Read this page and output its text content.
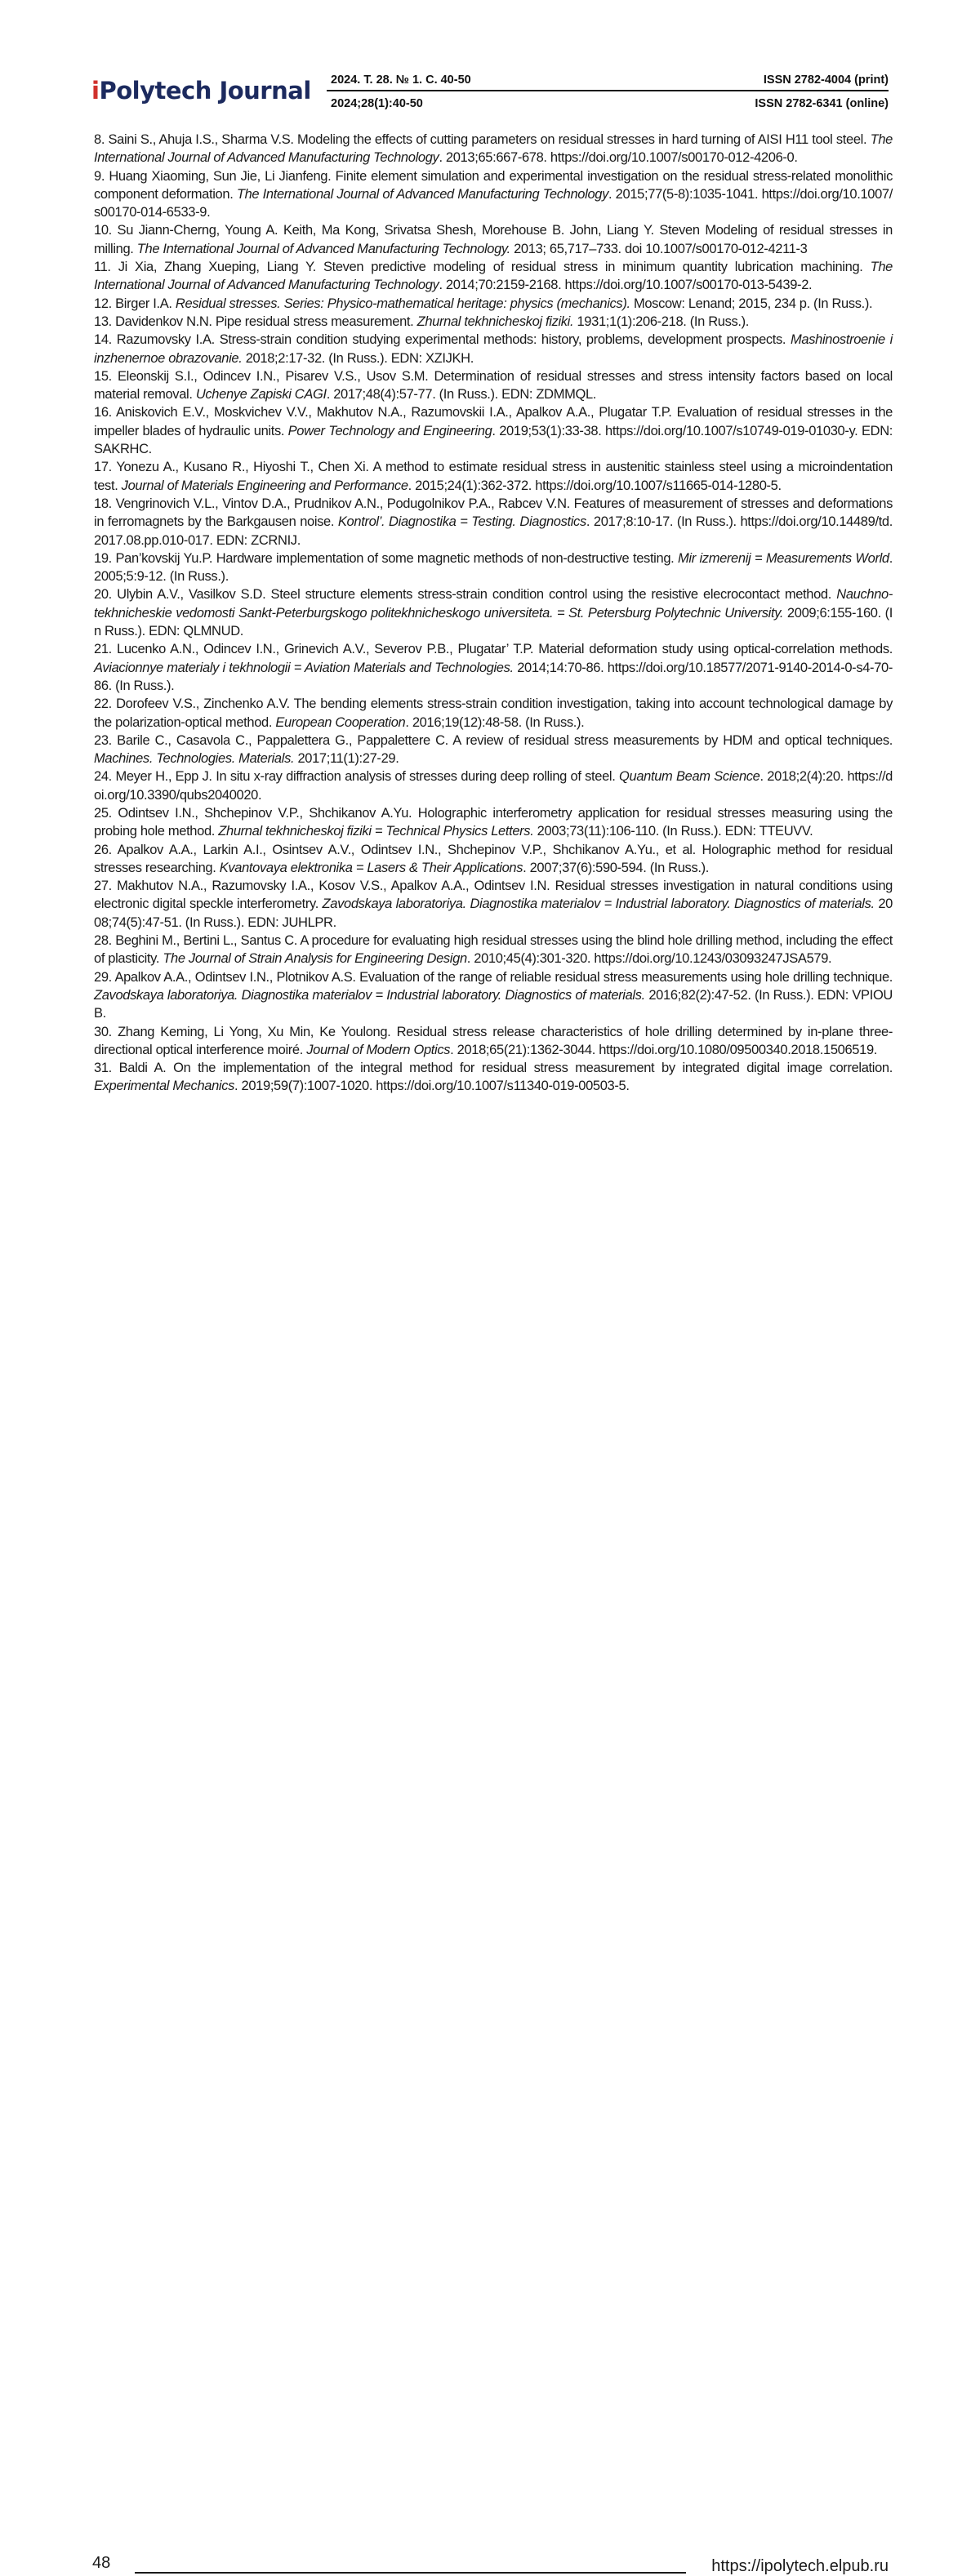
iPolytech Journal 2024. Т. 28. № 1. С. 40-50
2024;28(1):40-50
ISSN 2782-4004 (print)
ISSN 2782-6341 (online)

8. Saini S., Ahuja I.S., Sharma V.S. Modeling the effects of cutting parameters on residual stresses in hard turning of AISI H11 tool steel. The International Journal of Advanced Manufacturing Technology. 2013;65:667-678. https://doi.org/10.1007/s00170-012-4206-0.

9. Huang Xiaoming, Sun Jie, Li Jianfeng. Finite element simulation and experimental investigation on the residual stress-related monolithic component deformation. The International Journal of Advanced Manufacturing Technology. 2015;77(5-8):1035-1041. https://doi.org/10.1007/s00170-014-6533-9.

10. Su Jiann-Cherng, Young A. Keith, Ma Kong, Srivatsa Shesh, Morehouse B. John, Liang Y. Steven Modeling of residual stresses in milling. The International Journal of Advanced Manufacturing Technology. 2013; 65,717–733. doi 10.1007/s00170-012-4211-3

11. Ji Xia, Zhang Xueping, Liang Y. Steven predictive modeling of residual stress in minimum quantity lubrication machining. The International Journal of Advanced Manufacturing Technology. 2014;70:2159-2168. https://doi.org/10.1007/s00170-013-5439-2.

12. Birger I.A. Residual stresses. Series: Physico-mathematical heritage: physics (mechanics). Moscow: Lenand; 2015, 234 p. (In Russ.).

13. Davidenkov N.N. Pipe residual stress measurement. Zhurnal tekhnicheskoj fiziki. 1931;1(1):206-218. (In Russ.).

14. Razumovsky I.A. Stress-strain condition studying experimental methods: history, problems, development prospects. Mashinostroenie i inzhenernoe obrazovanie. 2018;2:17-32. (In Russ.). EDN: XZIJKH.

15. Eleonskij S.I., Odincev I.N., Pisarev V.S., Usov S.M. Determination of residual stresses and stress intensity factors based on local material removal. Uchenye Zapiski CAGI. 2017;48(4):57-77. (In Russ.). EDN: ZDMMQL.

16. Aniskovich E.V., Moskvichev V.V., Makhutov N.A., Razumovskii I.A., Apalkov A.A., Plugatar T.P. Evaluation of residual stresses in the impeller blades of hydraulic units. Power Technology and Engineering. 2019;53(1):33-38. https://doi.org/10.1007/s10749-019-01030-y. EDN: SAKRHC.

17. Yonezu A., Kusano R., Hiyoshi T., Chen Xi. A method to estimate residual stress in austenitic stainless steel using a microindentation test. Journal of Materials Engineering and Performance. 2015;24(1):362-372. https://doi.org/10.1007/s11665-014-1280-5.

18. Vengrinovich V.L., Vintov D.A., Prudnikov A.N., Podugolnikov P.A., Rabcev V.N. Features of measurement of stresses and deformations in ferromagnets by the Barkgausen noise. Kontrol’. Diagnostika = Testing. Diagnostics. 2017;8:10-17. (In Russ.). https://doi.org/10.14489/td.2017.08.pp.010-017. EDN: ZCRNIJ.

19. Pan’kovskij Yu.P. Hardware implementation of some magnetic methods of non-destructive testing. Mir izmerenij = Measurements World. 2005;5:9-12. (In Russ.).

20. Ulybin A.V., Vasilkov S.D. Steel structure elements stress-strain condition control using the resistive elecrocontact method. Nauchno-tekhnicheskie vedomosti Sankt-Peterburgskogo politekhnicheskogo universiteta. = St. Petersburg Polytechnic University. 2009;6:155-160. (In Russ.). EDN: QLMNUD.

21. Lucenko A.N., Odincev I.N., Grinevich A.V., Severov P.B., Plugatar’ T.P. Material deformation study using optical-correlation methods. Aviacionnye materialy i tekhnologii = Aviation Materials and Technologies. 2014;14:70-86. https://doi.org/10.18577/2071-9140-2014-0-s4-70-86. (In Russ.).

22. Dorofeev V.S., Zinchenko A.V. The bending elements stress-strain condition investigation, taking into account technological damage by the polarization-optical method. European Cooperation. 2016;19(12):48-58. (In Russ.).

23. Barile C., Casavola C., Pappalettera G., Pappalettere C. A review of residual stress measurements by HDM and optical techniques. Machines. Technologies. Materials. 2017;11(1):27-29.

24. Meyer H., Epp J. In situ x-ray diffraction analysis of stresses during deep rolling of steel. Quantum Beam Science. 2018;2(4):20. https://doi.org/10.3390/qubs2040020.

25. Odintsev I.N., Shchepinov V.P., Shchikanov A.Yu. Holographic interferometry application for residual stresses measuring using the probing hole method. Zhurnal tekhnicheskoj fiziki = Technical Physics Letters. 2003;73(11):106-110. (In Russ.). EDN: TTEUVV.

26. Apalkov A.A., Larkin A.I., Osintsev A.V., Odintsev I.N., Shchepinov V.P., Shchikanov A.Yu., et al. Holographic method for residual stresses researching. Kvantovaya elektronika = Lasers & Their Applications. 2007;37(6):590-594. (In Russ.).

27. Makhutov N.A., Razumovsky I.A., Kosov V.S., Apalkov A.A., Odintsev I.N. Residual stresses investigation in natural conditions using electronic digital speckle interferometry. Zavodskaya laboratoriya. Diagnostika materialov = Industrial laboratory. Diagnostics of materials. 2008;74(5):47-51. (In Russ.). EDN: JUHLPR.

28. Beghini M., Bertini L., Santus C. A procedure for evaluating high residual stresses using the blind hole drilling method, including the effect of plasticity. The Journal of Strain Analysis for Engineering Design. 2010;45(4):301-320. https://doi.org/10.1243/03093247JSA579.

29. Apalkov A.A., Odintsev I.N., Plotnikov A.S. Evaluation of the range of reliable residual stress measurements using hole drilling technique. Zavodskaya laboratoriya. Diagnostika materialov = Industrial laboratory. Diagnostics of materials. 2016;82(2):47-52. (In Russ.). EDN: VPIOUB.

30. Zhang Keming, Li Yong, Xu Min, Ke Youlong. Residual stress release characteristics of hole drilling determined by in-plane three-directional optical interference moiré. Journal of Modern Optics. 2018;65(21):1362-3044. https://doi.org/10.1080/09500340.2018.1506519.

31. Baldi A. On the implementation of the integral method for residual stress measurement by integrated digital image correlation. Experimental Mechanics. 2019;59(7):1007-1020. https://doi.org/10.1007/s11340-019-00503-5.

48	https://ipolytech.elpub.ru
